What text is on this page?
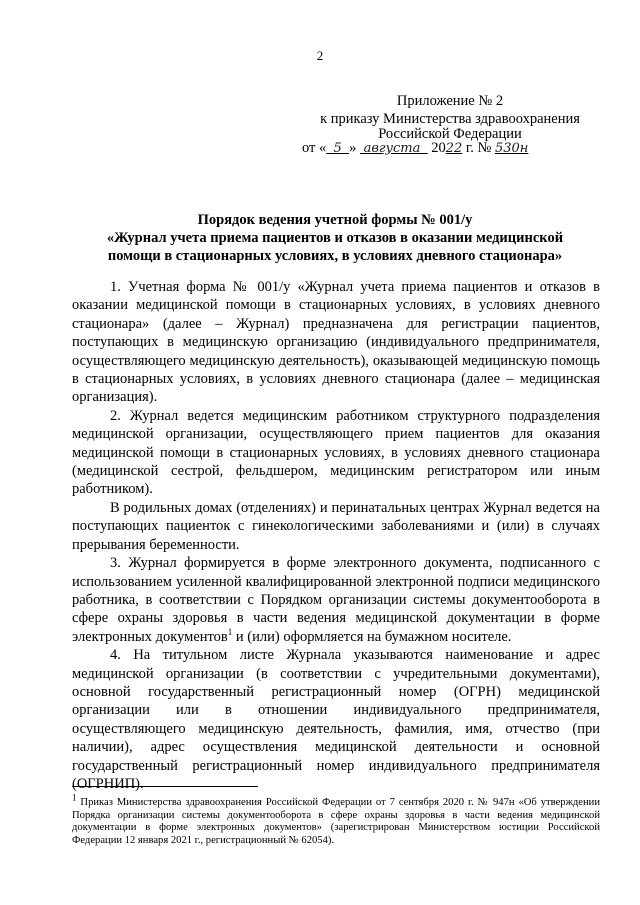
2
Приложение № 2
к приказу Министерства здравоохранения
Российской Федерации
от « 5 » августа 2022 г. № 530н
Порядок ведения учетной формы № 001/у
«Журнал учета приема пациентов и отказов в оказании медицинской
помощи в стационарных условиях, в условиях дневного стационара»

1. Учетная форма № 001/у «Журнал учета приема пациентов и отказов в оказании медицинской помощи в стационарных условиях, в условиях дневного стационара» (далее – Журнал) предназначена для регистрации пациентов, поступающих в медицинскую организацию (индивидуального предпринимателя, осуществляющего медицинскую деятельность), оказывающей медицинскую помощь в стационарных условиях, в условиях дневного стационара (далее – медицинская организация).

2. Журнал ведется медицинским работником структурного подразделения медицинской организации, осуществляющего прием пациентов для оказания медицинской помощи в стационарных условиях, в условиях дневного стационара (медицинской сестрой, фельдшером, медицинским регистратором или иным работником).

В родильных домах (отделениях) и перинатальных центрах Журнал ведется на поступающих пациенток с гинекологическими заболеваниями и (или) в случаях прерывания беременности.

3. Журнал формируется в форме электронного документа, подписанного с использованием усиленной квалифицированной электронной подписи медицинского работника, в соответствии с Порядком организации системы документооборота в сфере охраны здоровья в части ведения медицинской документации в форме электронных документов$^1$ и (или) оформляется на бумажном носителе.

4. На титульном листе Журнала указываются наименование и адрес медицинской организации (в соответствии с учредительными документами), основной государственный регистрационный номер (ОГРН) медицинской организации или в отношении индивидуального предпринимателя, осуществляющего медицинскую деятельность, фамилия, имя, отчество (при наличии), адрес осуществления медицинской деятельности и основной государственный регистрационный номер индивидуального предпринимателя (ОГРНИП).

$^1$ Приказ Министерства здравоохранения Российской Федерации от 7 сентября 2020 г. № 947н «Об утверждении Порядка организации системы документооборота в сфере охраны здоровья в части ведения медицинской документации в форме электронных документов» (зарегистрирован Министерством юстиции Российской Федерации 12 января 2021 г., регистрационный № 62054).
